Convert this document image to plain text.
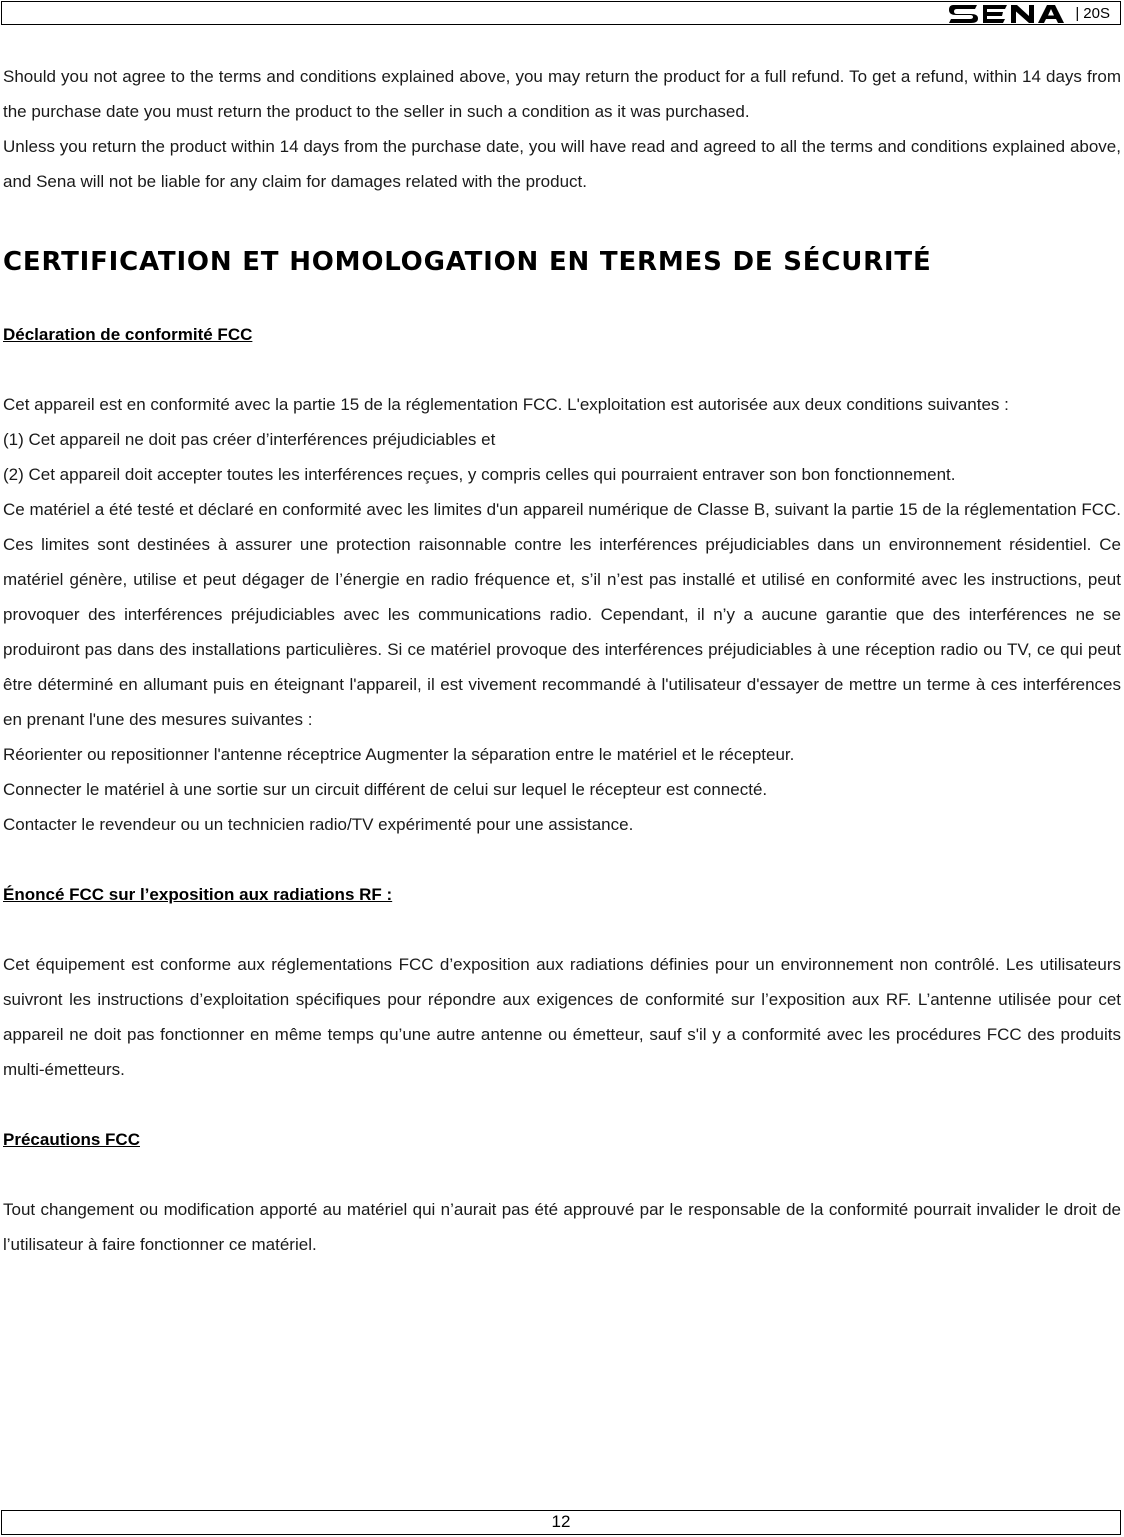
| 20S

Should you not agree to the terms and conditions explained above, you may return the product for a full refund. To get a refund, within 14 days from the purchase date you must return the product to the seller in such a condition as it was purchased.

Unless you return the product within 14 days from the purchase date, you will have read and agreed to all the terms and conditions explained above, and Sena will not be liable for any claim for damages related with the product.

CERTIFICATION ET HOMOLOGATION EN TERMES DE SÉCURITÉ
Déclaration de conformité FCC

Cet appareil est en conformité avec la partie 15 de la réglementation FCC. L'exploitation est autorisée aux deux conditions suivantes :

(1) Cet appareil ne doit pas créer d’interférences préjudiciables et

(2) Cet appareil doit accepter toutes les interférences reçues, y compris celles qui pourraient entraver son bon fonctionnement.

Ce matériel a été testé et déclaré en conformité avec les limites d'un appareil numérique de Classe B, suivant la partie 15 de la réglementation FCC. Ces limites sont destinées à assurer une protection raisonnable contre les interférences préjudiciables dans un environnement résidentiel. Ce matériel génère, utilise et peut dégager de l’énergie en radio fréquence et, s’il n’est pas installé et utilisé en conformité avec les instructions, peut provoquer des interférences préjudiciables avec les communications radio. Cependant, il n’y a aucune garantie que des interférences ne se produiront pas dans des installations particulières. Si ce matériel provoque des interférences préjudiciables à une réception radio ou TV, ce qui peut être déterminé en allumant puis en éteignant l'appareil, il est vivement recommandé à l'utilisateur d'essayer de mettre un terme à ces interférences en prenant l'une des mesures suivantes :

Réorienter ou repositionner l'antenne réceptrice Augmenter la séparation entre le matériel et le récepteur.

Connecter le matériel à une sortie sur un circuit différent de celui sur lequel le récepteur est connecté.

Contacter le revendeur ou un technicien radio/TV expérimenté pour une assistance.

Énoncé FCC sur l’exposition aux radiations RF :

Cet équipement est conforme aux réglementations FCC d’exposition aux radiations définies pour un environnement non contrôlé. Les utilisateurs suivront les instructions d’exploitation spécifiques pour répondre aux exigences de conformité sur l’exposition aux RF. L’antenne utilisée pour cet appareil ne doit pas fonctionner en même temps qu’une autre antenne ou émetteur, sauf s'il y a conformité avec les procédures FCC des produits multi-émetteurs.

Précautions FCC

Tout changement ou modification apporté au matériel qui n’aurait pas été approuvé par le responsable de la conformité pourrait invalider le droit de l’utilisateur à faire fonctionner ce matériel.

12
